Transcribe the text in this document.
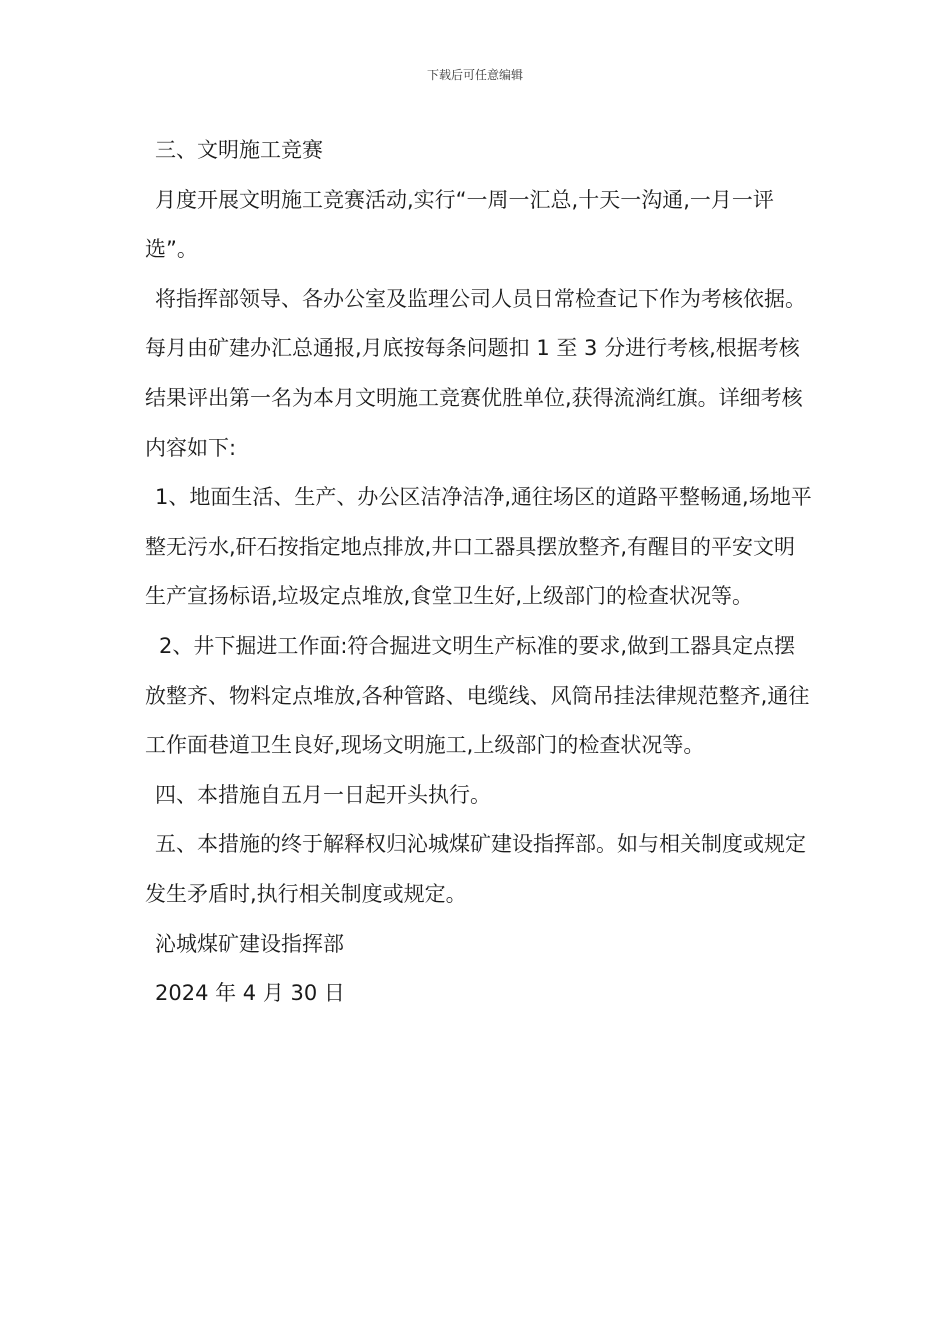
下载后可任意编辑

三、文明施工竞赛

月度开展文明施工竞赛活动,实行“一周一汇总,十天一沟通,一月一评选”。

将指挥部领导、各办公室及监理公司人员日常检查记下作为考核依据。每月由矿建办汇总通报,月底按每条问题扣 1 至 3 分进行考核,根据考核结果评出第一名为本月文明施工竞赛优胜单位,获得流淌红旗。详细考核内容如下:

1、地面生活、生产、办公区洁净洁净,通往场区的道路平整畅通,场地平整无污水,矸石按指定地点排放,井口工器具摆放整齐,有醒目的平安文明生产宣扬标语,垃圾定点堆放,食堂卫生好,上级部门的检查状况等。

2、井下掘进工作面:符合掘进文明生产标准的要求,做到工器具定点摆放整齐、物料定点堆放,各种管路、电缆线、风筒吊挂法律规范整齐,通往工作面巷道卫生良好,现场文明施工,上级部门的检查状况等。

四、本措施自五月一日起开头执行。

五、本措施的终于解释权归沁城煤矿建设指挥部。如与相关制度或规定发生矛盾时,执行相关制度或规定。

沁城煤矿建设指挥部

2024 年 4 月 30 日
